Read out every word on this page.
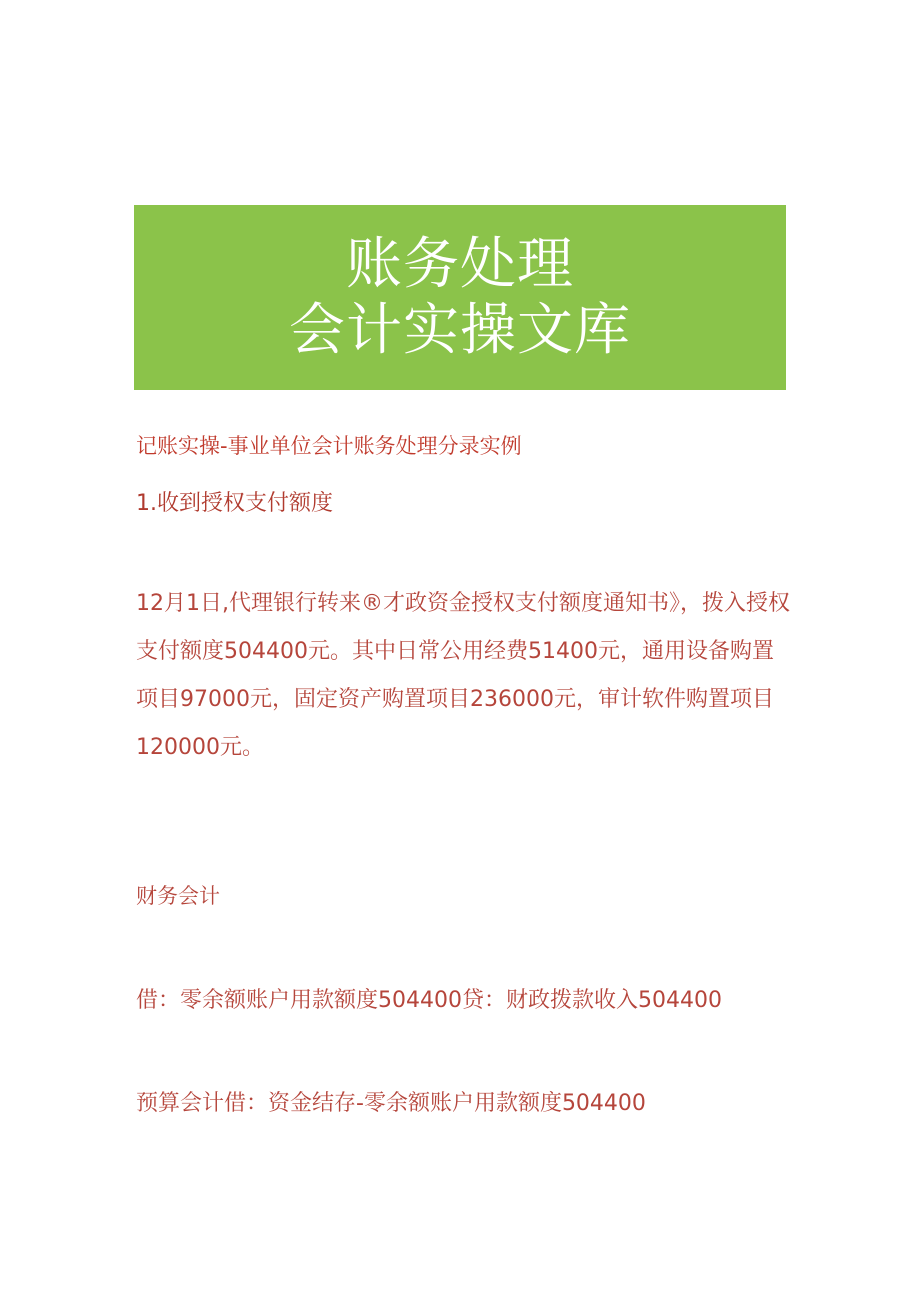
账务处理
会计实操文库
记账实操-事业单位会计账务处理分录实例
1.收到授权支付额度
12月1日,代理银行转来®才政资金授权支付额度通知书》，拨入授权
支付额度504400元。其中日常公用经费51400元，通用设备购置
项目97000元，固定资产购置项目236000元，审计软件购置项目
120000元。
财务会计
借：零余额账户用款额度504400贷：财政拨款收入504400
预算会计借：资金结存-零余额账户用款额度504400
